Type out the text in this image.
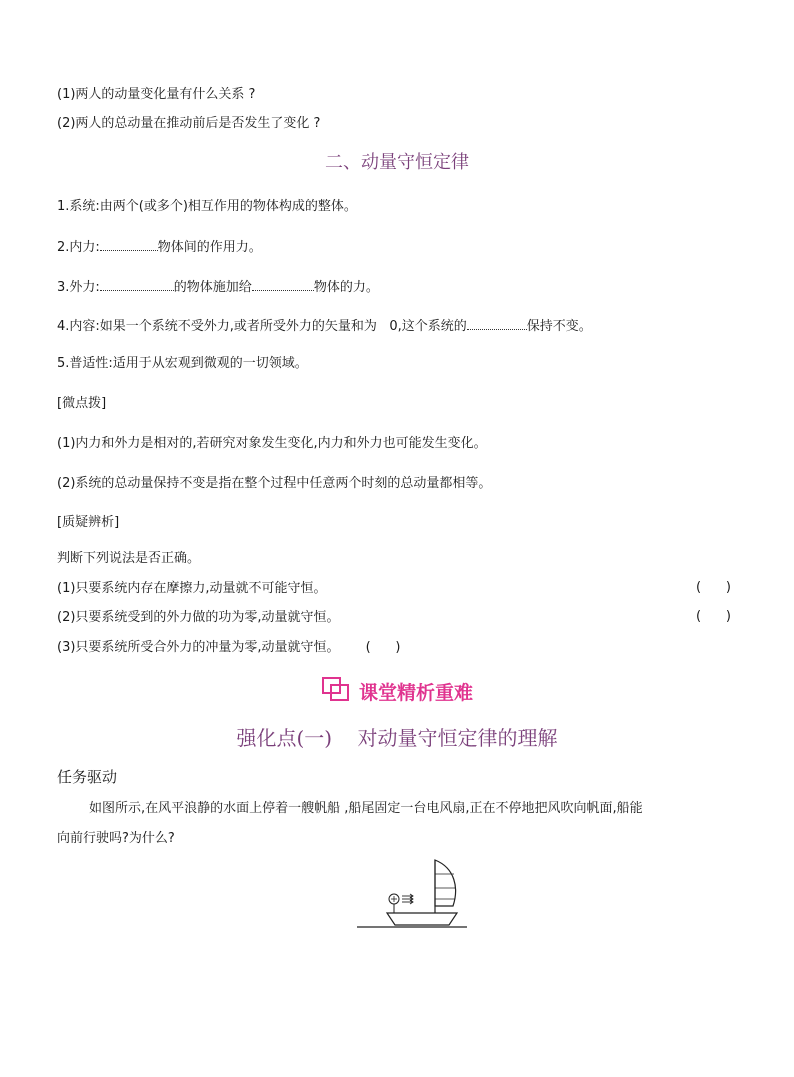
(1)两人的动量变化量有什么关系 ?
(2)两人的总动量在推动前后是否发生了变化 ?
二、动量守恒定律
1.系统:由两个(或多个)相互作用的物体构成的整体。
2.内力:	物体间的作用力。
3.外力:	的物体施加给	物体的力。
4.内容:如果一个系统不受外力,或者所受外力的矢量和为   0,这个系统的	保持不变。
5.普适性:适用于从宏观到微观的一切领域。
[微点拨]
(1)内力和外力是相对的,若研究对象发生变化,内力和外力也可能发生变化。
(2)系统的总动量保持不变是指在整个过程中任意两个时刻的总动量都相等。
[质疑辨析]
判断下列说法是否正确。
(1)只要系统内存在摩擦力,动量就不可能守恒。	(      )
(2)只要系统受到的外力做的功为零,动量就守恒。	(      )
(3)只要系统所受合外力的冲量为零,动量就守恒。 (      )
课堂精析重难
强化点(一)    对动量守恒定律的理解
任务驱动
如图所示,在风平浪静的水面上停着一艘帆船 ,船尾固定一台电风扇,正在不停地把风吹向帆面,船能
向前行驶吗?为什么?
